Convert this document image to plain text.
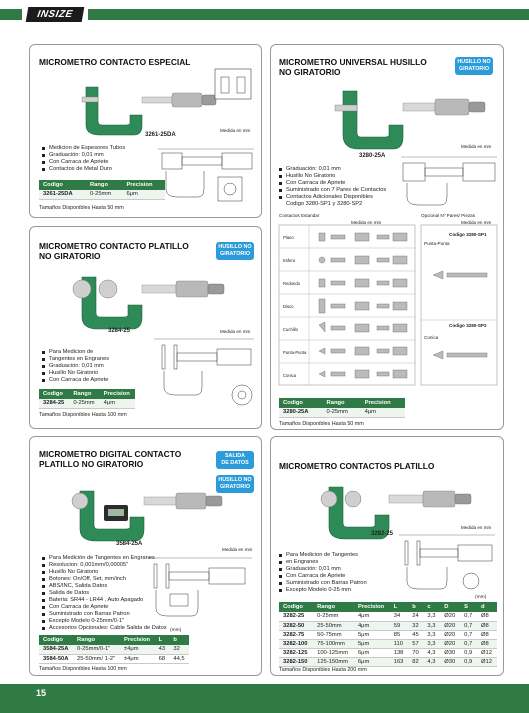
INSIZE
MICROMETRO CONTACTO ESPECIAL
3261-25DA
Medida en mm
Medicion de Espesores Tubos
Graduación: 0,01 mm
Con Carraca de Apriete
Contactos de Metal Duro
Codigo	Rango	Precision
3261-25DA	0-25mm	6μm
Tamaños Disponibles Hasta 50 mm
MICROMETRO UNIVERSAL HUSILLO
NO GIRATORIO
HUSILLO NO
GIRATORIO
3280-25A
Medida en mm
Graduación: 0,01 mm
Husillo No Giratorio
Con Carraca de Apriete
Suministrado con 7 Pares de Contactos
Contactos Adicionales Disponibles
Codigo 3280-SP1 y 3280-SP2
Contactos Estandar	Opcional Nº Pares/ Piezas
Medida en mm	Medida en mm
Plano
Esfera
Redondo
Disco
Cuchillo
Punta-Punta
Conica
Codigo 3280-SP1
Punta-Punta
Codigo 3280-SP2
Conica
Codigo	Rango	Precision
3280-25A	0-25mm	4μm
Tamaños Disponibles Hasta 50 mm
MICROMETRO CONTACTO PLATILLO
NO GIRATORIO
HUSILLO NO
GIRATORIO
3284-25	Medida en mm
Para Medicion de
Tangentes en Engranes
Graduación: 0,01 mm
Husillo No Giratorio
Con Carraca de Apriete
Codigo	Rango	Precision
3284-25	0-25mm	4μm
Tamaños Disponibles Hasta 100 mm
MICROMETRO DIGITAL CONTACTO
PLATILLO NO GIRATORIO
SALIDA
DE DATOS
HUSILLO NO
GIRATORIO
3584-25A
Medida en mm
Para Medición de Tangentes en Engranes
Resolucion: 0,001mm/0,00005"
Husillo No Giratorio
Botones: On/Off, Set, mm/inch
ABS/INC, Salida Datos
Salida de Datos
Bateria: SR44 - LR44 , Auto Apagado
Con Carraca de Apriete
Suministrado con Barras Patron
Excepto Modelo 0-25mm/0-1"
Accesorios Opcionales: Cable Salida de Datos (mm)
Codigo	Rango	Precision	L	b
3584-25A	0-25mm/0-1"	±4μm	43	32
3584-50A	25-50mm/ 1-2"	±4μm	68	44,5
Tamaños Disponibles Hasta 100 mm
MICROMETRO CONTACTOS PLATILLO
3282-25
Medida en mm
Para Medicion de Tangentes
en Engranes
Graduación: 0,01 mm
Con Carraca de Apriete
Suministrado con Barras Patron
Excepto Modelo 0-25 mm
(mm)
Codigo	Rango	Precision	L	b	c	D	S	d
3282-25	0-25mm	4μm	34	24	3,3	Ø20	0,7	Ø8
3282-50	25-50mm	4μm	59	32	3,3	Ø20	0,7	Ø8
3282-75	50-75mm	5μm	85	45	3,3	Ø20	0,7	Ø8
3282-100	75-100mm	5μm	110	57	3,3	Ø20	0,7	Ø8
3282-125	100-125mm	6μm	138	70	4,3	Ø30	0,9	Ø12
3282-150	125-150mm	6μm	163	82	4,3	Ø30	0,9	Ø12
Tamaños Disponibles Hasta 200 mm
15
